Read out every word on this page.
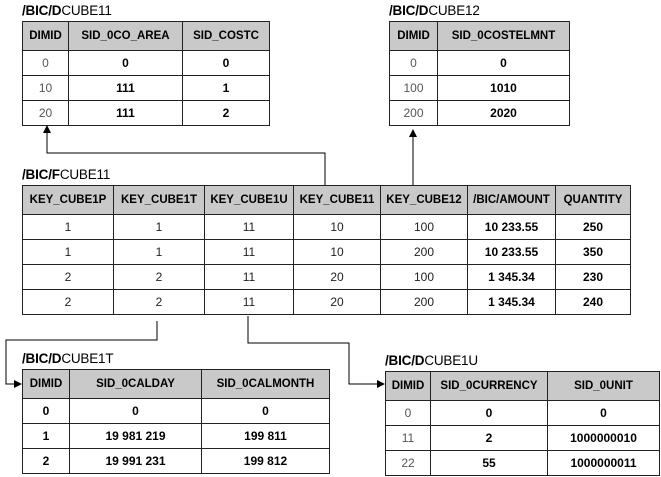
/BIC/DCUBE11
DIMID	SID_0CO_AREA	SID_COSTC
0	0	0
10	111	1
20	111	2
/BIC/DCUBE12
DIMID	SID_0COSTELMNT
0	0
100	1010
200	2020
/BIC/FCUBE11
KEY_CUBE1P	KEY_CUBE1T	KEY_CUBE1U	KEY_CUBE11	KEY_CUBE12	/BIC/AMOUNT	QUANTITY
1	1	11	10	100	10 233.55	250
1	1	11	10	200	10 233.55	350
2	2	11	20	100	1 345.34	230
2	2	11	20	200	1 345.34	240
/BIC/DCUBE1T
DIMID	SID_0CALDAY	SID_0CALMONTH
0	0	0
1	19 981 219	199 811
2	19 991 231	199 812
/BIC/DCUBE1U
DIMID	SID_0CURRENCY	SID_0UNIT
0	0	0
11	2	1000000010
22	55	1000000011
